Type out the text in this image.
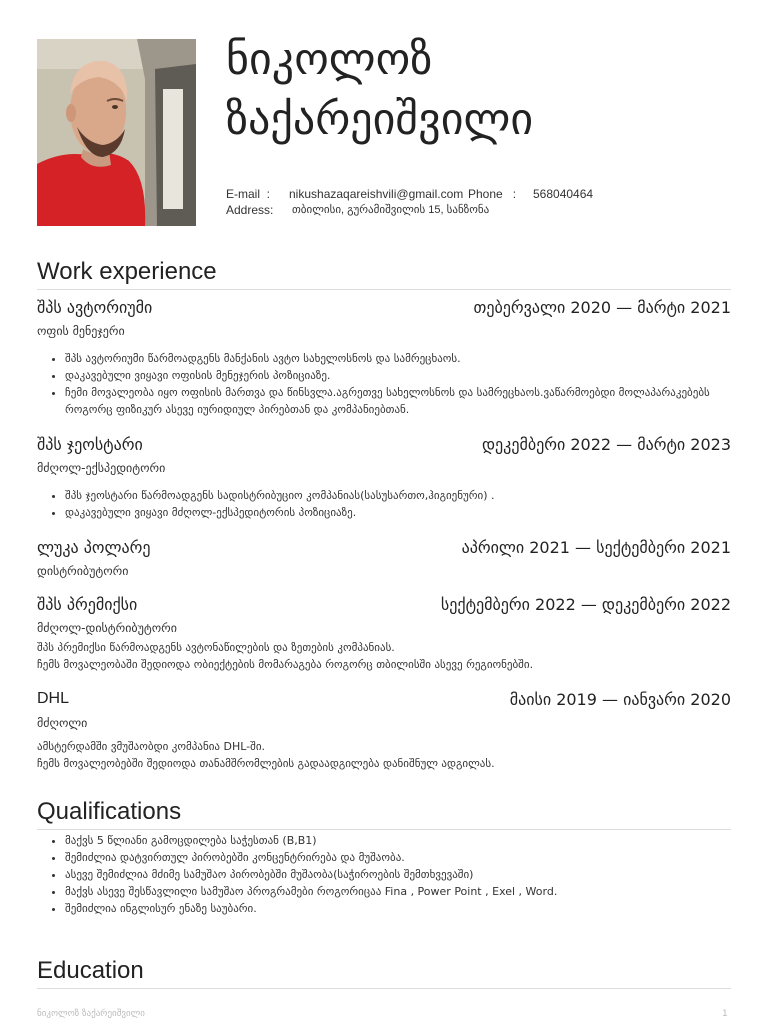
ნიკოლოზ
ზაქარეიშვილი
E-mail  : nikushazaqareishvili@gmail.com Phone   : 568040464
Address: თბილისი, გურამიშვილის 15, სანზონა
Work experience
შპს ავტორიუმი	თებერვალი 2020 — მარტი 2021
ოფის მენეჯერი
• შპს ავტორიუმი წარმოადგენს მანქანის ავტო სახელოსნოს და სამრეცხაოს.
• დაკავებული ვიყავი ოფისის მენეჯერის პოზიციაზე.
• ჩემი მოვალეობა იყო ოფისის მართვა და წინსვლა.აგრეთვე სახელოსნოს და სამრეცხაოს.ვაწარმოებდი მოლაპარაკებებს როგორც ფიზიკურ ასევე იურიდიულ პირებთან და კომპანიებთან.
შპს ჯეოსტარი	დეკემბერი 2022 — მარტი 2023
მძღოლ-ექსპედიტორი
• შპს ჯეოსტარი წარმოადგენს სადისტრიბუციო კომპანიას(სასუსართო,ჰიგიენური) .
• დაკავებული ვიყავი მძღოლ-ექსპედიტორის პოზიციაზე.
ლუკა პოლარე	აპრილი 2021 — სექტემბერი 2021
დისტრიბუტორი
შპს პრემიქსი	სექტემბერი 2022 — დეკემბერი 2022
მძღოლ-დისტრიბუტორი
შპს პრემიქსი წარმოადგენს ავტონაწილების და ზეთების კომპანიას.
ჩემს მოვალეობაში შედიოდა ობიექტების მომარაგება როგორც თბილისში ასევე რეგიონებში.
DHL	მაისი 2019 — იანვარი 2020
მძღოლი
ამსტერდამში ვმუშაობდი კომპანია DHL-ში.
ჩემს მოვალეობებში შედიოდა თანამშრომლების გადაადგილება დანიშნულ ადგილას.
Qualifications
• მაქვს 5 წლიანი გამოცდილება საჭესთან (B,B1)
• შემიძლია დატვირთულ პირობებში კონცენტრირება და მუშაობა.
• ასევე შემიძლია მძიმე სამუშაო პირობებში მუშაობა(საჭიროების შემთხვევაში)
• მაქვს ასევე შესწავლილი სამუშაო პროგრამები როგორიცაა Fina , Power Point , Exel , Word.
• შემიძლია ინგლისურ ენაზე საუბარი.
Education
ნიკოლოზ ზაქარეიშვილი	1
